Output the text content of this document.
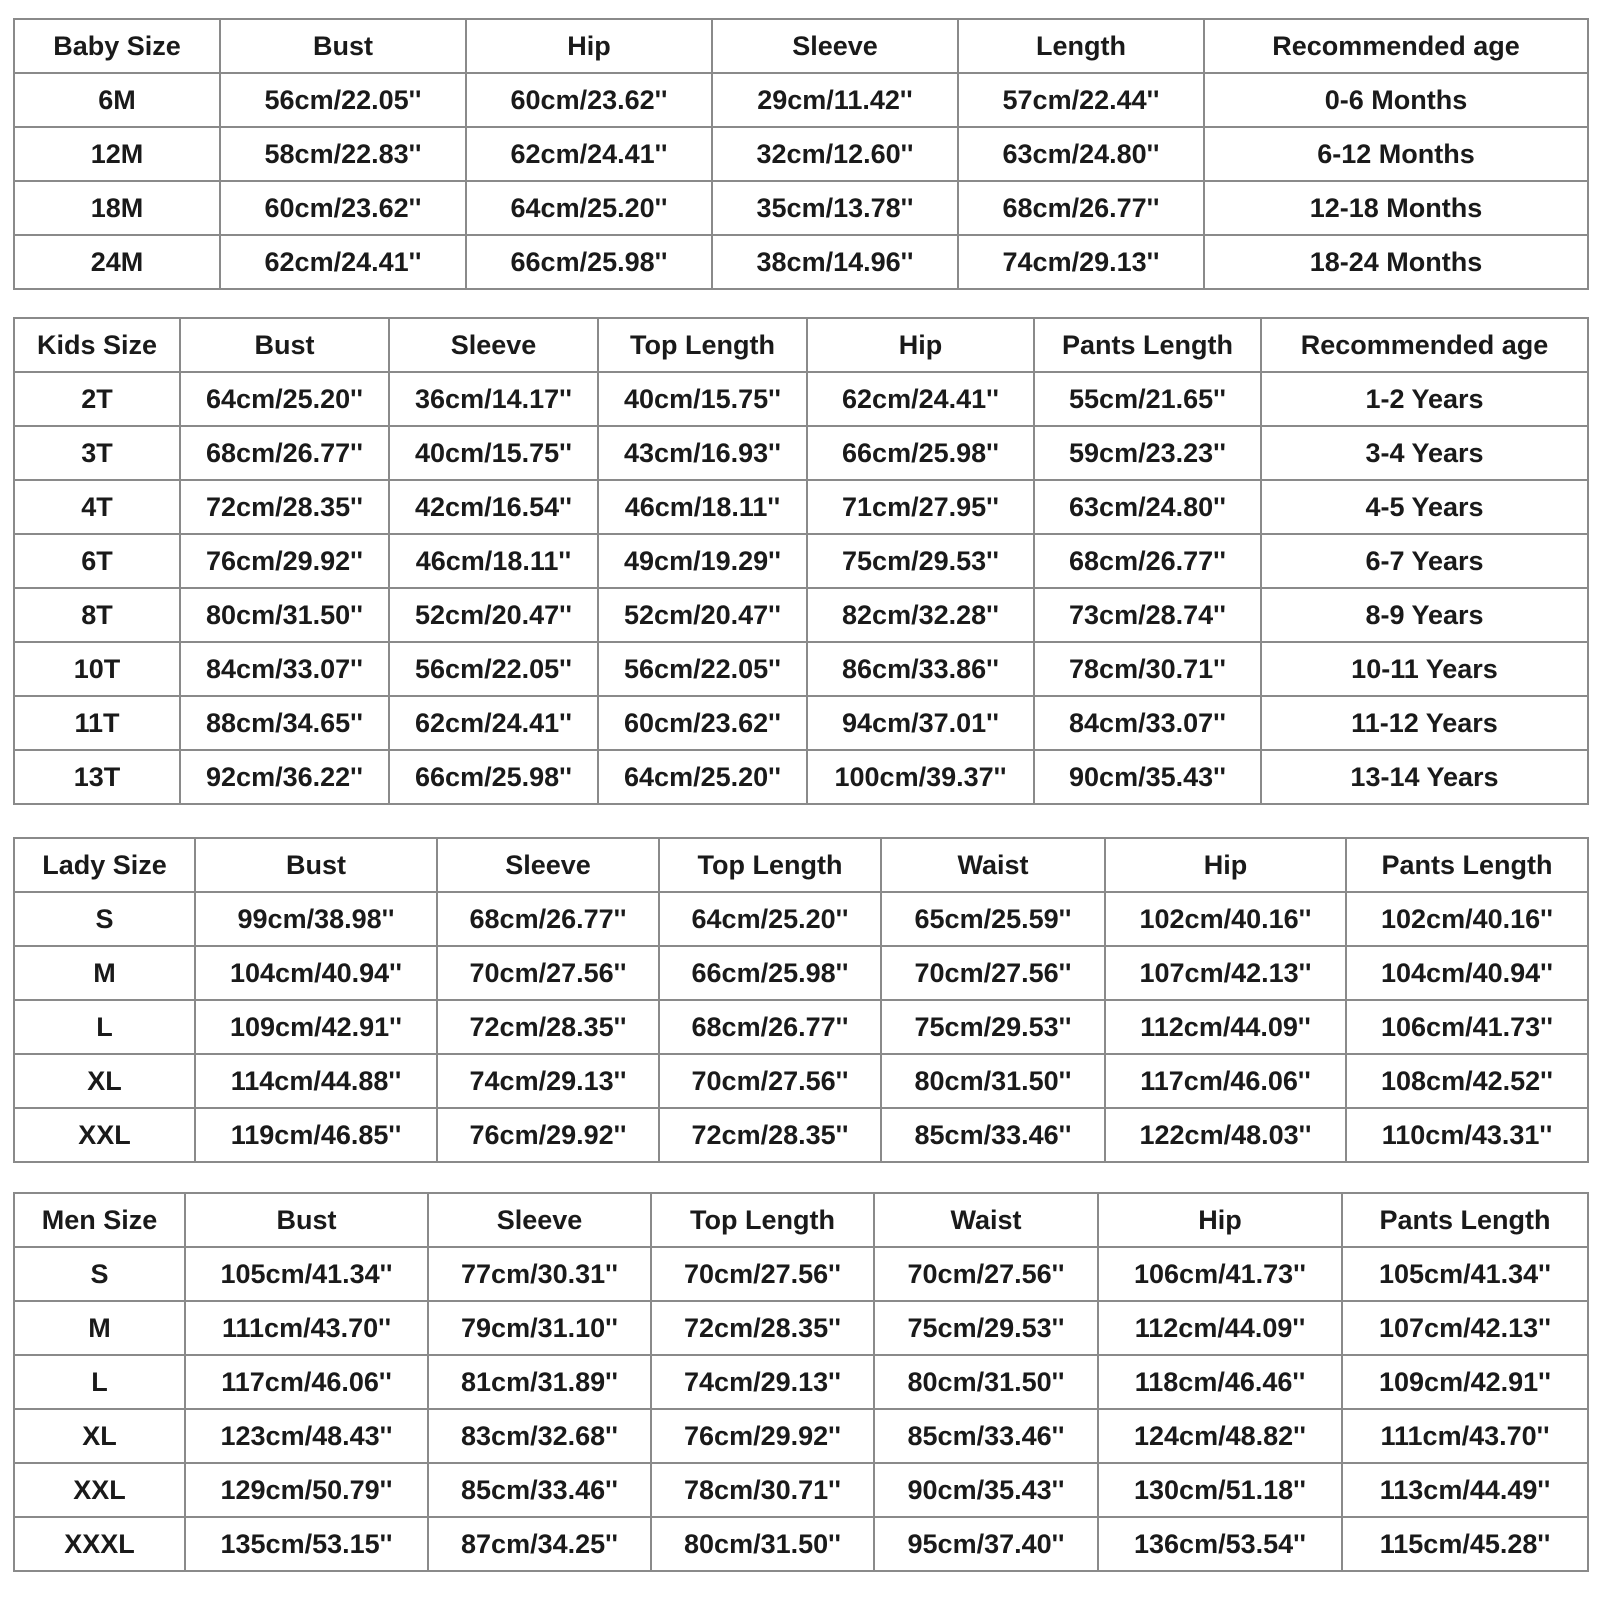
Baby Size	Bust	Hip	Sleeve	Length	Recommended age
6M	56cm/22.05''	60cm/23.62''	29cm/11.42''	57cm/22.44''	0-6 Months
12M	58cm/22.83''	62cm/24.41''	32cm/12.60''	63cm/24.80''	6-12 Months
18M	60cm/23.62''	64cm/25.20''	35cm/13.78''	68cm/26.77''	12-18 Months
24M	62cm/24.41''	66cm/25.98''	38cm/14.96''	74cm/29.13''	18-24 Months
Kids Size	Bust	Sleeve	Top Length	Hip	Pants Length	Recommended age
2T	64cm/25.20''	36cm/14.17''	40cm/15.75''	62cm/24.41''	55cm/21.65''	1-2 Years
3T	68cm/26.77''	40cm/15.75''	43cm/16.93''	66cm/25.98''	59cm/23.23''	3-4 Years
4T	72cm/28.35''	42cm/16.54''	46cm/18.11''	71cm/27.95''	63cm/24.80''	4-5 Years
6T	76cm/29.92''	46cm/18.11''	49cm/19.29''	75cm/29.53''	68cm/26.77''	6-7 Years
8T	80cm/31.50''	52cm/20.47''	52cm/20.47''	82cm/32.28''	73cm/28.74''	8-9 Years
10T	84cm/33.07''	56cm/22.05''	56cm/22.05''	86cm/33.86''	78cm/30.71''	10-11 Years
11T	88cm/34.65''	62cm/24.41''	60cm/23.62''	94cm/37.01''	84cm/33.07''	11-12 Years
13T	92cm/36.22''	66cm/25.98''	64cm/25.20''	100cm/39.37''	90cm/35.43''	13-14 Years
Lady Size	Bust	Sleeve	Top Length	Waist	Hip	Pants Length
S	99cm/38.98''	68cm/26.77''	64cm/25.20''	65cm/25.59''	102cm/40.16''	102cm/40.16''
M	104cm/40.94''	70cm/27.56''	66cm/25.98''	70cm/27.56''	107cm/42.13''	104cm/40.94''
L	109cm/42.91''	72cm/28.35''	68cm/26.77''	75cm/29.53''	112cm/44.09''	106cm/41.73''
XL	114cm/44.88''	74cm/29.13''	70cm/27.56''	80cm/31.50''	117cm/46.06''	108cm/42.52''
XXL	119cm/46.85''	76cm/29.92''	72cm/28.35''	85cm/33.46''	122cm/48.03''	110cm/43.31''
Men Size	Bust	Sleeve	Top Length	Waist	Hip	Pants Length
S	105cm/41.34''	77cm/30.31''	70cm/27.56''	70cm/27.56''	106cm/41.73''	105cm/41.34''
M	111cm/43.70''	79cm/31.10''	72cm/28.35''	75cm/29.53''	112cm/44.09''	107cm/42.13''
L	117cm/46.06''	81cm/31.89''	74cm/29.13''	80cm/31.50''	118cm/46.46''	109cm/42.91''
XL	123cm/48.43''	83cm/32.68''	76cm/29.92''	85cm/33.46''	124cm/48.82''	111cm/43.70''
XXL	129cm/50.79''	85cm/33.46''	78cm/30.71''	90cm/35.43''	130cm/51.18''	113cm/44.49''
XXXL	135cm/53.15''	87cm/34.25''	80cm/31.50''	95cm/37.40''	136cm/53.54''	115cm/45.28''
